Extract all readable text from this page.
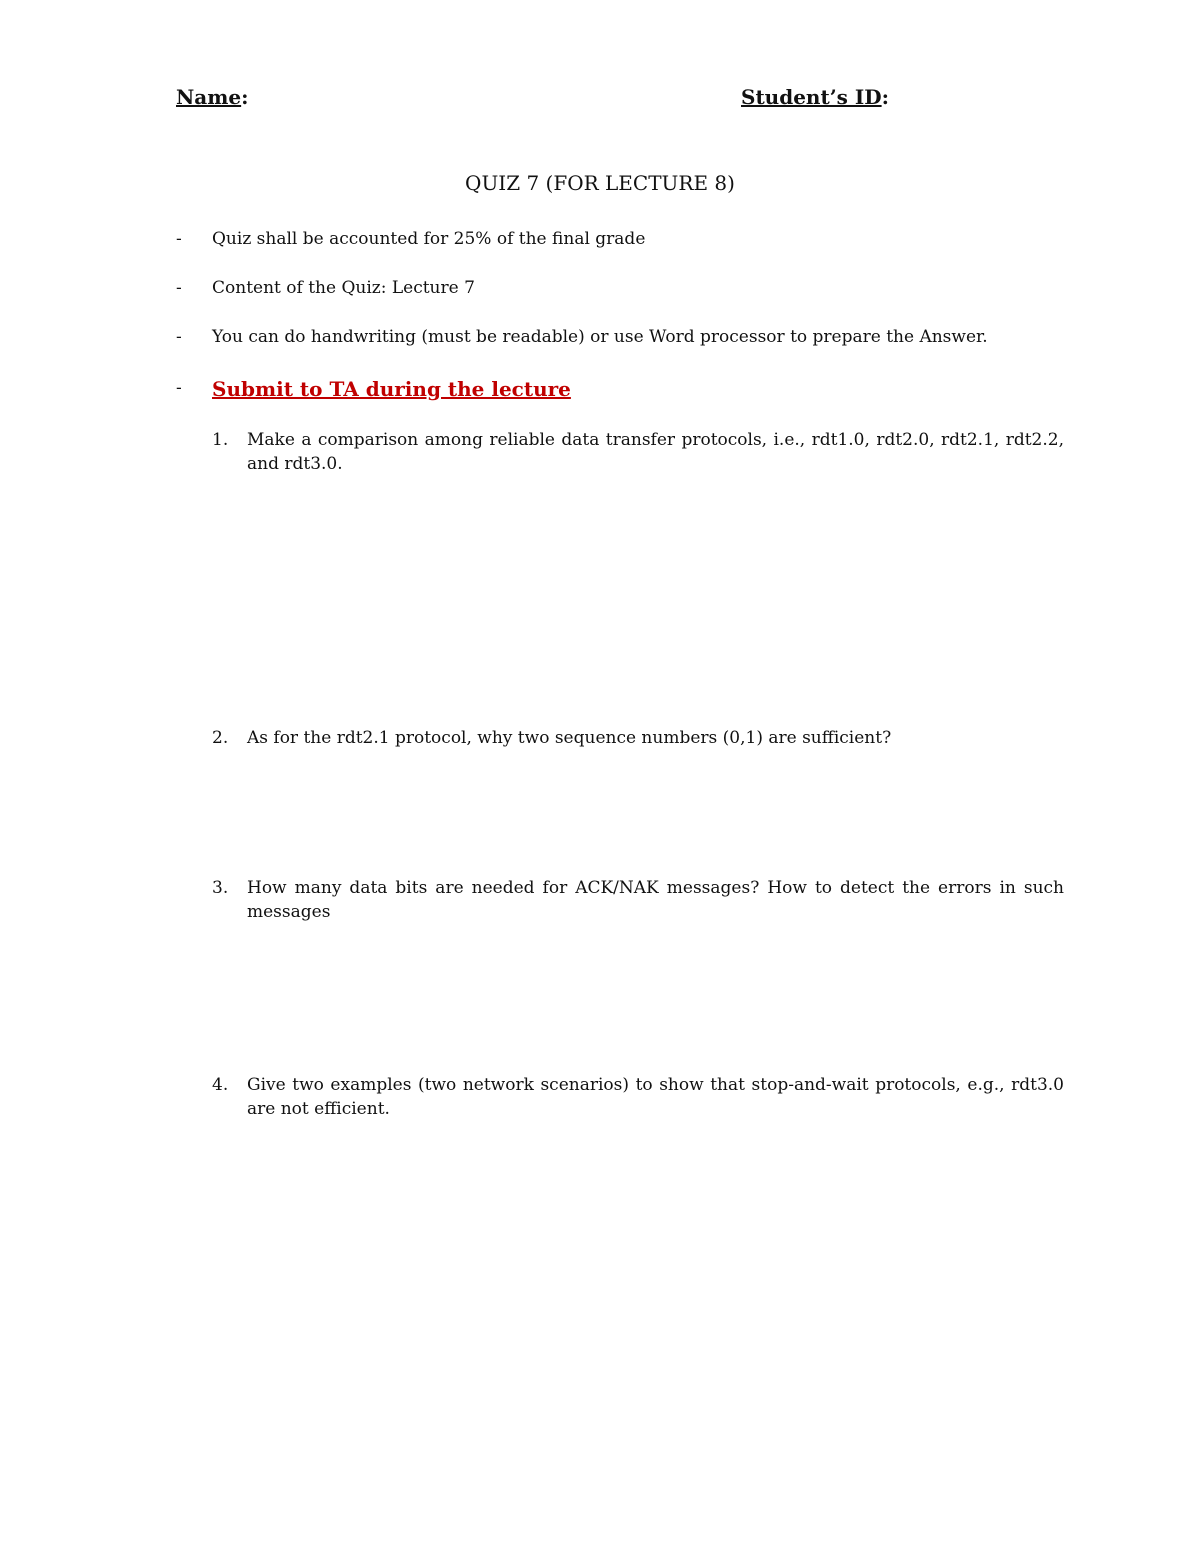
Name:	Student’s ID:
QUIZ 7 (FOR LECTURE 8)
- Quiz shall be accounted for 25% of the final grade
- Content of the Quiz: Lecture 7
- You can do handwriting (must be readable) or use Word processor to prepare the Answer.
- Submit to TA during the lecture
1. Make a comparison among reliable data transfer protocols, i.e., rdt1.0, rdt2.0, rdt2.1, rdt2.2, and rdt3.0.
2. As for the rdt2.1 protocol, why two sequence numbers (0,1) are sufficient?
3. How many data bits are needed for ACK/NAK messages? How to detect the errors in such messages
4. Give two examples (two network scenarios) to show that stop-and-wait protocols, e.g., rdt3.0 are not efficient.
